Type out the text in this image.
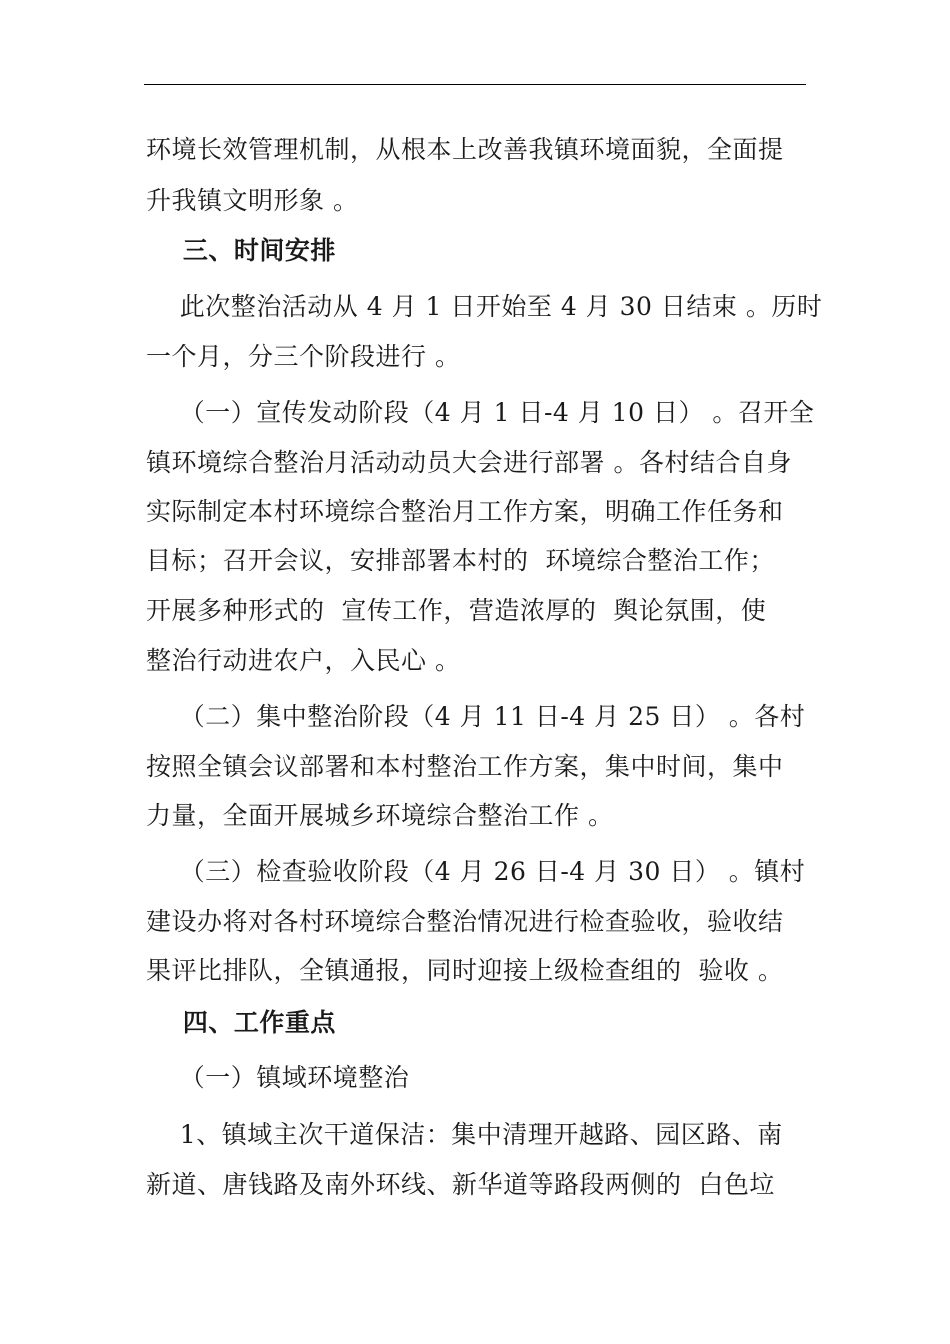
环境长效管理机制，从根本上改善我镇环境面貌，全面提
升我镇文明形象 。
三、时间安排
此次整治活动从 4 月 1 日开始至 4 月 30 日结束 。历时
一个月，分三个阶段进行 。
（一）宣传发动阶段（4 月 1 日-4 月 10 日） 。召开全
镇环境综合整治月活动动员大会进行部署 。各村结合自身
实际制定本村环境综合整治月工作方案，明确工作任务和
目标；召开会议，安排部署本村的  环境综合整治工作；
开展多种形式的  宣传工作，营造浓厚的  舆论氛围，使
整治行动进农户，入民心 。
（二）集中整治阶段（4 月 11 日-4 月 25 日） 。各村
按照全镇会议部署和本村整治工作方案，集中时间，集中
力量，全面开展城乡环境综合整治工作 。
（三）检查验收阶段（4 月 26 日-4 月 30 日） 。镇村
建设办将对各村环境综合整治情况进行检查验收，验收结
果评比排队，全镇通报，同时迎接上级检查组的  验收 。
四、工作重点
（一）镇域环境整治
1、镇域主次干道保洁：集中清理开越路、园区路、南
新道、唐钱路及南外环线、新华道等路段两侧的  白色垃
